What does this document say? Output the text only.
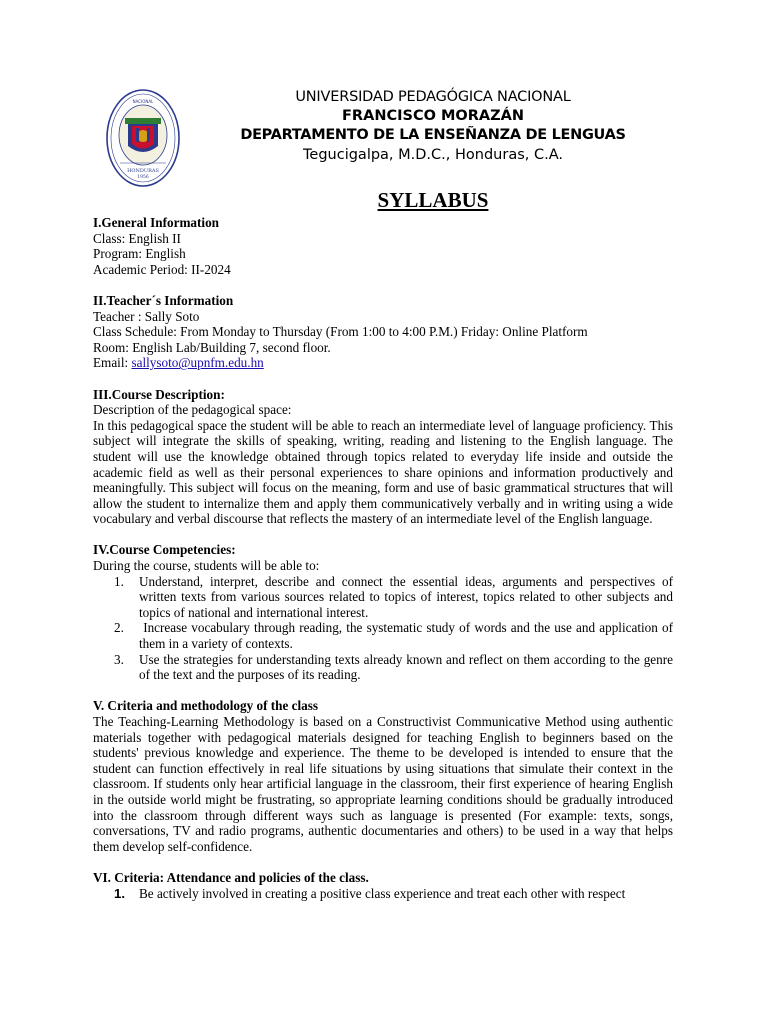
NACIONAL
HONDURAS
1956
UNIVERSIDAD PEDAGÓGICA NACIONAL
FRANCISCO MORAZÁN
DEPARTAMENTO DE LA ENSEÑANZA DE LENGUAS
Tegucigalpa, M.D.C., Honduras, C.A.
SYLLABUS

I.General Information

Class: English II

Program: English

Academic Period: II-2024

II.Teacher´s Information

Teacher : Sally Soto

Class Schedule: From Monday to Thursday (From 1:00 to 4:00 P.M.) Friday: Online Platform

Room: English Lab/Building 7, second floor.

Email: sallysoto@upnfm.edu.hn

III.Course Description:

Description of the pedagogical space:

In this pedagogical space the student will be able to reach an intermediate level of language proficiency. This subject will integrate the skills of speaking, writing, reading and listening to the English language. The student will use the knowledge obtained through topics related to everyday life inside and outside the academic field as well as their personal experiences to share opinions and information productively and meaningfully. This subject will focus on the meaning, form and use of basic grammatical structures that will allow the student to internalize them and apply them communicatively verbally and in writing using a wide vocabulary and verbal discourse that reflects the mastery of an intermediate level of the English language.

IV.Course Competencies:

During the course, students will be able to:

1. Understand, interpret, describe and connect the essential ideas, arguments and perspectives of written texts from various sources related to topics of interest, topics related to other subjects and topics of national and international interest.
2. Increase vocabulary through reading, the systematic study of words and the use and application of them in a variety of contexts.
3. Use the strategies for understanding texts already known and reflect on them according to the genre of the text and the purposes of its reading.

V. Criteria and methodology of the class

The Teaching-Learning Methodology is based on a Constructivist Communicative Method using authentic materials together with pedagogical materials designed for teaching English to beginners based on the students' previous knowledge and experience. The theme to be developed is intended to ensure that the student can function effectively in real life situations by using situations that simulate their context in the classroom. If students only hear artificial language in the classroom, their first experience of hearing English in the outside world might be frustrating, so appropriate learning conditions should be gradually introduced into the classroom through different ways such as language is presented (For example: texts, songs, conversations, TV and radio programs, authentic documentaries and others) to be used in a way that helps them develop self-confidence.

VI. Criteria: Attendance and policies of the class.

1. Be actively involved in creating a positive class experience and treat each other with respect
